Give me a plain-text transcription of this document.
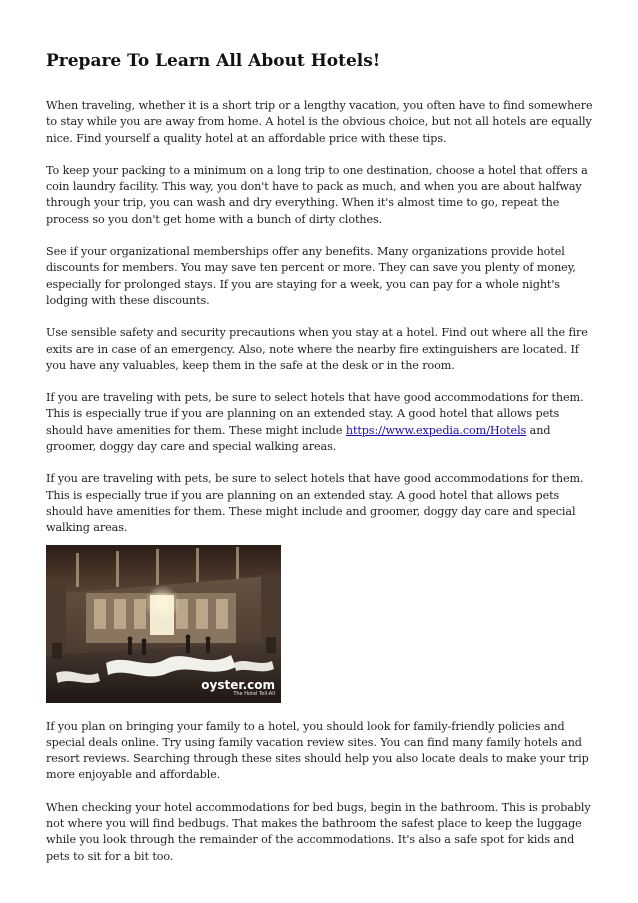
Prepare To Learn All About Hotels!

When traveling, whether it is a short trip or a lengthy vacation, you often have to find somewhere to stay while you are away from home. A hotel is the obvious choice, but not all hotels are equally nice. Find yourself a quality hotel at an affordable price with these tips.

To keep your packing to a minimum on a long trip to one destination, choose a hotel that offers a coin laundry facility. This way, you don't have to pack as much, and when you are about halfway through your trip, you can wash and dry everything. When it's almost time to go, repeat the process so you don't get home with a bunch of dirty clothes.

See if your organizational memberships offer any benefits. Many organizations provide hotel discounts for members. You may save ten percent or more. They can save you plenty of money, especially for prolonged stays. If you are staying for a week, you can pay for a whole night's lodging with these discounts.

Use sensible safety and security precautions when you stay at a hotel. Find out where all the fire exits are in case of an emergency. Also, note where the nearby fire extinguishers are located. If you have any valuables, keep them in the safe at the desk or in the room.

If you are traveling with pets, be sure to select hotels that have good accommodations for them. This is especially true if you are planning on an extended stay. A good hotel that allows pets should have amenities for them. These might include https://www.expedia.com/Hotels and groomer, doggy day care and special walking areas.

If you are traveling with pets, be sure to select hotels that have good accommodations for them. This is especially true if you are planning on an extended stay. A good hotel that allows pets should have amenities for them. These might include and groomer, doggy day care and special walking areas.

oyster.com
The Hotel Tell-All

If you plan on bringing your family to a hotel, you should look for family-friendly policies and special deals online. Try using family vacation review sites. You can find many family hotels and resort reviews. Searching through these sites should help you also locate deals to make your trip more enjoyable and affordable.

When checking your hotel accommodations for bed bugs, begin in the bathroom. This is probably not where you will find bedbugs. That makes the bathroom the safest place to keep the luggage while you look through the remainder of the accommodations. It's also a safe spot for kids and pets to sit for a bit too.
